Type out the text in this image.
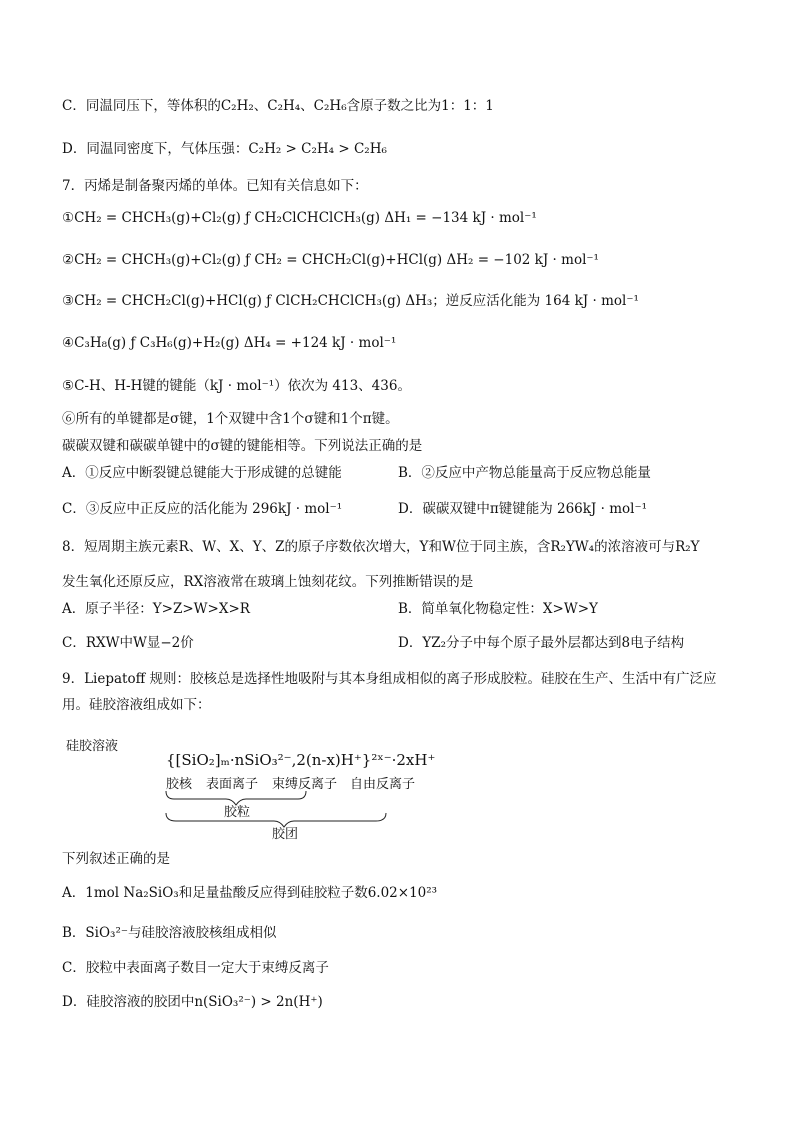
C．同温同压下，等体积的C₂H₂、C₂H₄、C₂H₆含原子数之比为1：1：1
D．同温同密度下，气体压强：C₂H₂ > C₂H₄ > C₂H₆
7．丙烯是制备聚丙烯的单体。已知有关信息如下：
①CH₂ = CHCH₃(g)+Cl₂(g) ƒ CH₂ClCHClCH₃(g) ΔH₁ = −134 kJ · mol⁻¹
②CH₂ = CHCH₃(g)+Cl₂(g) ƒ CH₂ = CHCH₂Cl(g)+HCl(g) ΔH₂ = −102 kJ · mol⁻¹
③CH₂ = CHCH₂Cl(g)+HCl(g) ƒ ClCH₂CHClCH₃(g) ΔH₃；逆反应活化能为 164 kJ · mol⁻¹
④C₃H₈(g) ƒ C₃H₆(g)+H₂(g) ΔH₄ = +124 kJ · mol⁻¹
⑤C-H、H-H键的键能（kJ · mol⁻¹）依次为 413、436。
⑥所有的单键都是σ键，1个双键中含1个σ键和1个π键。
碳碳双键和碳碳单键中的σ键的键能相等。下列说法正确的是
A．①反应中断裂键总键能大于形成键的总键能	B．②反应中产物总能量高于反应物总能量
C．③反应中正反应的活化能为 296kJ · mol⁻¹	D．碳碳双键中π键键能为 266kJ · mol⁻¹
8．短周期主族元素R、W、X、Y、Z的原子序数依次增大，Y和W位于同主族，含R₂YW₄的浓溶液可与R₂Y
发生氧化还原反应，RX溶液常在玻璃上蚀刻花纹。下列推断错误的是
A．原子半径：Y>Z>W>X>R	B．简单氧化物稳定性：X>W>Y
C．RXW中W显−2价	D．YZ₂分子中每个原子最外层都达到8电子结构
9．Liepatoff 规则：胶核总是选择性地吸附与其本身组成相似的离子形成胶粒。硅胶在生产、生活中有广泛应
用。硅胶溶液组成如下：
硅胶溶液
{[SiO₂]ₘ·nSiO₃²⁻,2(n-x)H⁺}²ˣ⁻·2xH⁺
胶核 表面离子 束缚反离子 自由反离子
胶粒
胶团
下列叙述正确的是
A．1mol Na₂SiO₃和足量盐酸反应得到硅胶粒子数6.02×10²³
B．SiO₃²⁻与硅胶溶液胶核组成相似
C．胶粒中表面离子数目一定大于束缚反离子
D．硅胶溶液的胶团中n(SiO₃²⁻) > 2n(H⁺)
